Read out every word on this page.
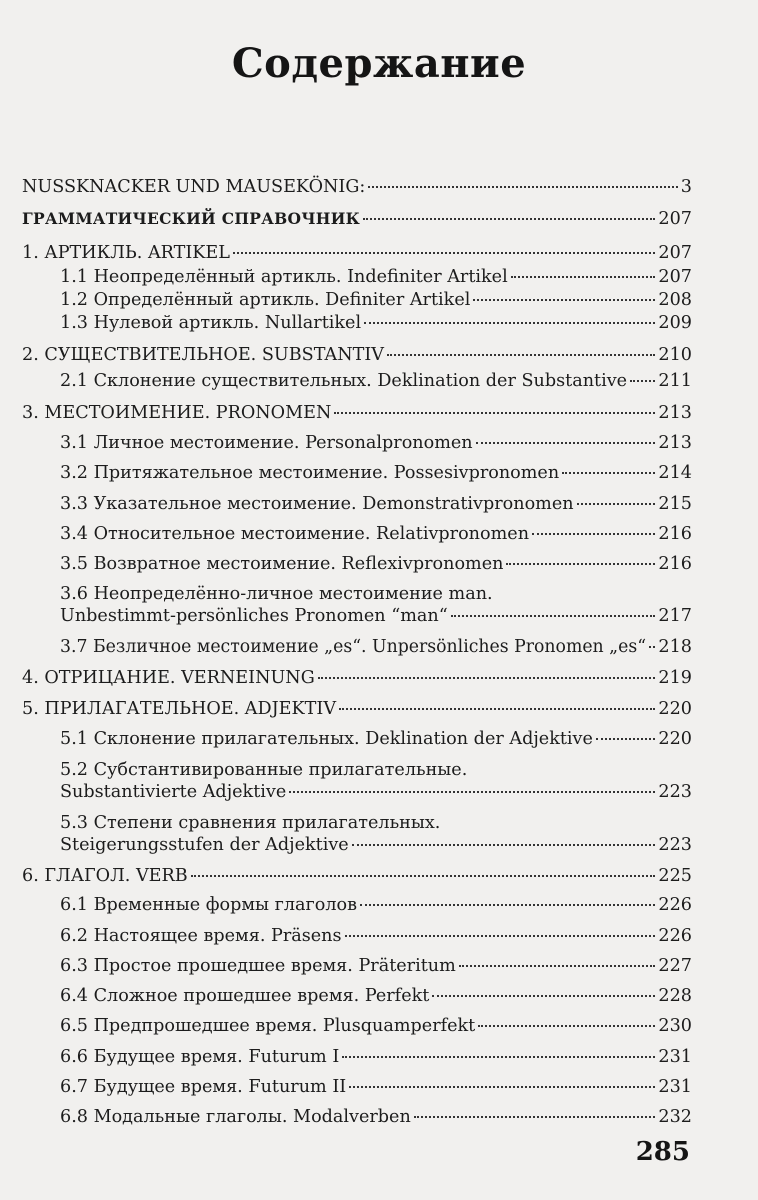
Содержание
NUSSKNACKER UND MAUSEKÖNIG:	3
ГРАММАТИЧЕСКИЙ СПРАВОЧНИК	207
1. АРТИКЛЬ. ARTIKEL	207
1.1 Неопределённый артикль. Indefiniter Artikel	207
1.2 Определённый артикль. Definiter Artikel	208
1.3 Нулевой артикль. Nullartikel	209
2. СУЩЕСТВИТЕЛЬНОЕ. SUBSTANTIV	210
2.1 Склонение существительных. Deklination der Substantive 211
3. МЕСТОИМЕНИЕ. PRONOMEN	213
3.1 Личное местоимение. Personalpronomen	213
3.2 Притяжательное местоимение. Possesivpronomen	214
3.3 Указательное местоимение. Demonstrativpronomen	215
3.4 Относительное местоимение. Relativpronomen	216
3.5 Возвратное местоимение. Reflexivpronomen	216
3.6 Неопределённо-личное местоимение man.
Unbestimmt-persönliches Pronomen “man“	217
3.7 Безличное местоимение „es“. Unpersönliches Pronomen „es“ 218
4. ОТРИЦАНИЕ. VERNEINUNG	219
5. ПРИЛАГАТЕЛЬНОЕ. ADJEKTIV	220
5.1 Склонение прилагательных. Deklination der Adjektive	220
5.2 Субстантивированные прилагательные.
Substantivierte Adjektive	223
5.3 Степени сравнения прилагательных.
Steigerungsstufen der Adjektive	223
6. ГЛАГОЛ. VERB	225
6.1 Временные формы глаголов	226
6.2 Настоящее время. Präsens	226
6.3 Простое прошедшее время. Präteritum	227
6.4 Сложное прошедшее время. Perfekt	228
6.5 Предпрошедшее время. Plusquamperfekt	230
6.6 Будущее время. Futurum I	231
6.7 Будущее время. Futurum II	231
6.8 Модальные глаголы. Modalverben	232
285
